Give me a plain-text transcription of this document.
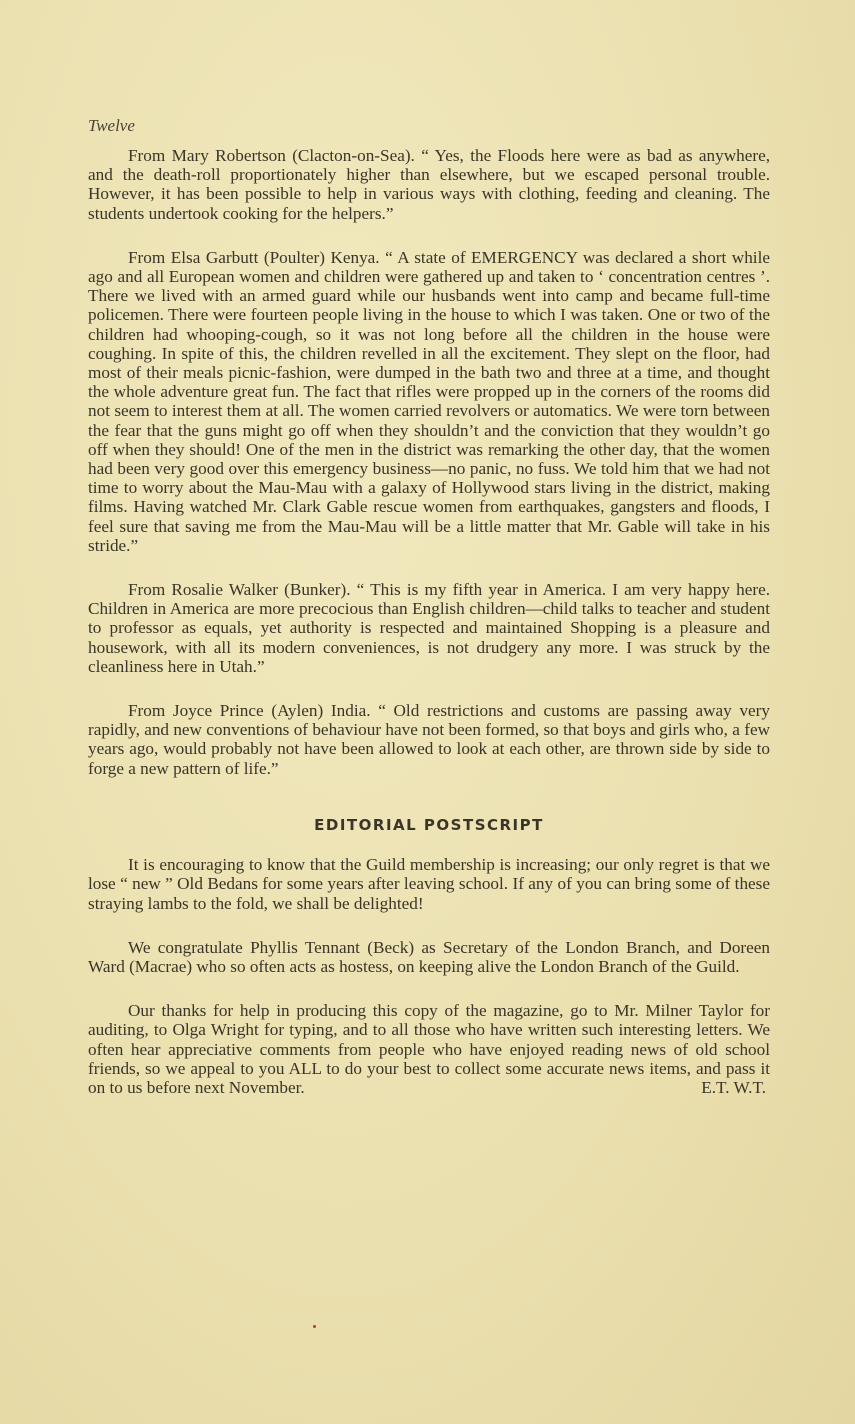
Twelve

From Mary Robertson (Clacton-on-Sea). “ Yes, the Floods here were as bad as anywhere, and the death-roll proportionately higher than elsewhere, but we escaped personal trouble. However, it has been possible to help in various ways with clothing, feeding and cleaning. The students undertook cooking for the helpers.”

From Elsa Garbutt (Poulter) Kenya. “ A state of EMERGENCY was declared a short while ago and all European women and children were gathered up and taken to ‘ concentration centres ’. There we lived with an armed guard while our husbands went into camp and became full-time policemen. There were fourteen people living in the house to which I was taken. One or two of the children had whooping-cough, so it was not long before all the children in the house were coughing. In spite of this, the children revelled in all the excitement. They slept on the floor, had most of their meals picnic-fashion, were dumped in the bath two and three at a time, and thought the whole adventure great fun. The fact that rifles were propped up in the corners of the rooms did not seem to interest them at all. The women carried revolvers or automatics. We were torn between the fear that the guns might go off when they shouldn’t and the conviction that they wouldn’t go off when they should! One of the men in the district was remarking the other day, that the women had been very good over this emergency business—no panic, no fuss. We told him that we had not time to worry about the Mau-Mau with a galaxy of Hollywood stars living in the district, making films. Having watched Mr. Clark Gable rescue women from earthquakes, gangsters and floods, I feel sure that saving me from the Mau-Mau will be a little matter that Mr. Gable will take in his stride.”

From Rosalie Walker (Bunker). “ This is my fifth year in America. I am very happy here. Children in America are more precocious than English children—child talks to teacher and student to professor as equals, yet authority is respected and maintained Shopping is a pleasure and housework, with all its modern conveniences, is not drudgery any more. I was struck by the cleanliness here in Utah.”

From Joyce Prince (Aylen) India. “ Old restrictions and customs are passing away very rapidly, and new conventions of behaviour have not been formed, so that boys and girls who, a few years ago, would probably not have been allowed to look at each other, are thrown side by side to forge a new pattern of life.”

EDITORIAL POSTSCRIPT

It is encouraging to know that the Guild membership is increasing; our only regret is that we lose “ new ” Old Bedans for some years after leaving school. If any of you can bring some of these straying lambs to the fold, we shall be delighted!

We congratulate Phyllis Tennant (Beck) as Secretary of the London Branch, and Doreen Ward (Macrae) who so often acts as hostess, on keeping alive the London Branch of the Guild.

Our thanks for help in producing this copy of the magazine, go to Mr. Milner Taylor for auditing, to Olga Wright for typing, and to all those who have written such interesting letters. We often hear appreciative comments from people who have enjoyed reading news of old school friends, so we appeal to you ALL to do your best to collect some accurate news items, and pass it on to us before next November.	E.T. W.T.
